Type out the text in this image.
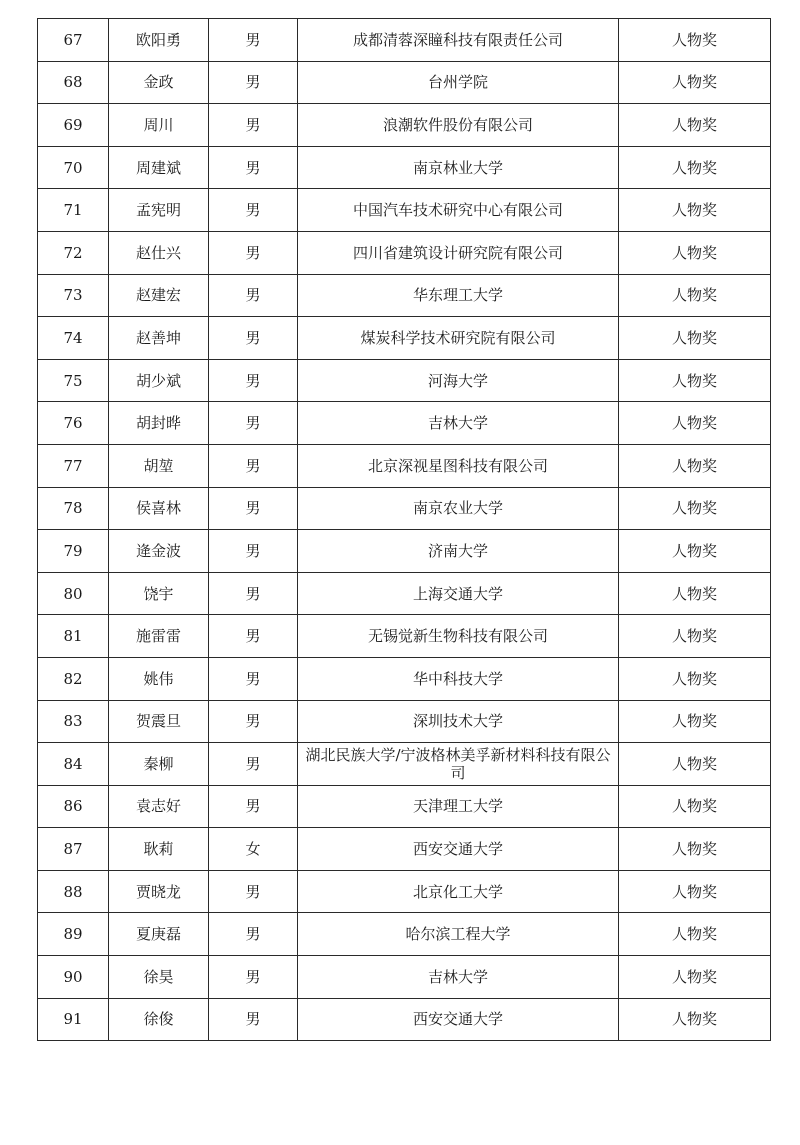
67	欧阳勇	男	成都清蓉深瞳科技有限责任公司	人物奖
68	金政	男	台州学院	人物奖
69	周川	男	浪潮软件股份有限公司	人物奖
70	周建斌	男	南京林业大学	人物奖
71	孟宪明	男	中国汽车技术研究中心有限公司	人物奖
72	赵仕兴	男	四川省建筑设计研究院有限公司	人物奖
73	赵建宏	男	华东理工大学	人物奖
74	赵善坤	男	煤炭科学技术研究院有限公司	人物奖
75	胡少斌	男	河海大学	人物奖
76	胡封晔	男	吉林大学	人物奖
77	胡堃	男	北京深视星图科技有限公司	人物奖
78	侯喜林	男	南京农业大学	人物奖
79	逄金波	男	济南大学	人物奖
80	饶宇	男	上海交通大学	人物奖
81	施雷雷	男	无锡觉新生物科技有限公司	人物奖
82	姚伟	男	华中科技大学	人物奖
83	贺震旦	男	深圳技术大学	人物奖
84	秦柳	男	湖北民族大学/宁波格林美孚新材料科技有限公司	人物奖
86	袁志好	男	天津理工大学	人物奖
87	耿莉	女	西安交通大学	人物奖
88	贾晓龙	男	北京化工大学	人物奖
89	夏庚磊	男	哈尔滨工程大学	人物奖
90	徐昊	男	吉林大学	人物奖
91	徐俊	男	西安交通大学	人物奖
